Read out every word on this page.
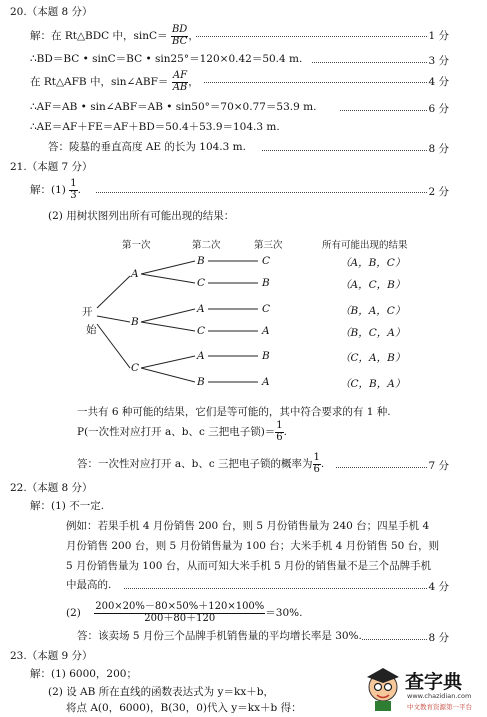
20.（本题 8 分）
解：在 Rt△BDC 中，$\sin C= \frac{BD}{BC}$ ，	1 分
∴BD＝BC • sinC＝BC • sin25°＝120×0.42＝50.4 m.	3 分
在 Rt△AFB 中，sin∠ABF＝ $\frac{AF}{AB}$ ，	4 分
∴AF＝AB • sin∠ABF＝AB • sin50°＝70×0.77＝53.9 m.	6 分
∴AE＝AF＋FE＝AF＋BD＝50.4＋53.9＝104.3 m.
答：陵墓的垂直高度 AE 的长为 104.3 m.	8 分
21.（本题 7 分）
解：$(1) \frac{1}{3}$ .	2 分
(2) 用树状图列出所有可能出现的结果：
第一次	第二次	第三次	所有可能出现的结果
开
始
A
B
C
B
C
A
C
A
B
C
B
C
A
B
A
（A，B，C）
（A，C，B）
（B，A，C）
（B，C，A）
（C，A，B）
（C，B，A）
一共有 6 种可能的结果，它们是等可能的，其中符合要求的有 1 种.
P(一次性对应打开 a、b、c 三把电子锁)＝ $\frac{1}{6}$ .
答：一次性对应打开 a、b、c 三把电子锁的概率为 $\frac{1}{6}$ .	7 分
22.（本题 8 分）
解：(1) 不一定.
例如：若果手机 4 月份销售 200 台，则 5 月份销售量为 240 台；四星手机 4
月份销售 200 台，则 5 月份销售量为 100 台；大米手机 4 月份销售 50 台，则
5 月份销售量为 100 台，从而可知大米手机 5 月份的销售量不是三个品牌手机
中最高的.	4 分
$(2) \frac{200\times 20\%-80\times 50\%+120\times 100\%}{200+80+120} =30\%$.
答：该卖场 5 月份三个品牌手机销售量的平均增长率是 30%.	8 分
23.（本题 9 分）
解：(1) 6000，200；
(2) 设 AB 所在直线的函数表达式为 y＝kx＋b，
将点 A(0，6000)，B(30，0)代入 y＝kx＋b 得：
查字典
www.chazidian.com
中文教育资源第一平台
